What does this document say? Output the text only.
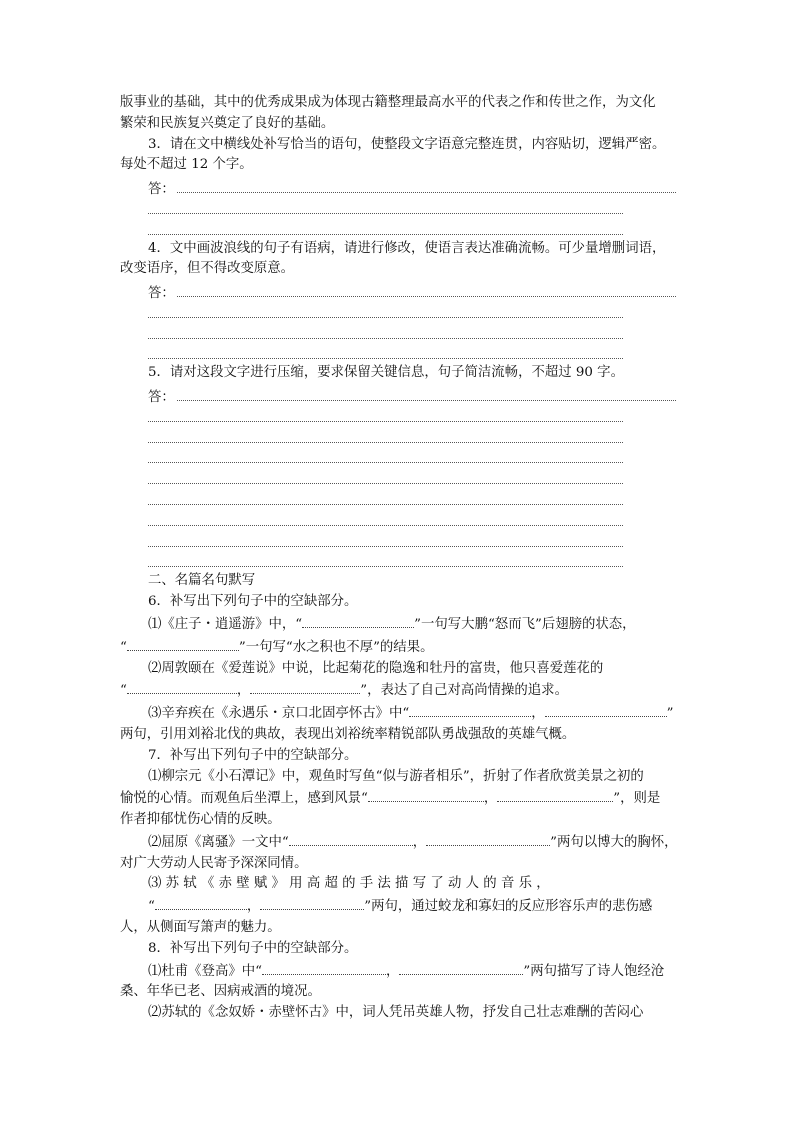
版事业的基础，其中的优秀成果成为体现古籍整理最高水平的代表之作和传世之作，为文化
繁荣和民族复兴奠定了良好的基础。
3．请在文中横线处补写恰当的语句，使整段文字语意完整连贯，内容贴切，逻辑严密。
每处不超过 12 个字。
答：
4．文中画波浪线的句子有语病，请进行修改，使语言表达准确流畅。可少量增删词语，
改变语序，但不得改变原意。
答：
5．请对这段文字进行压缩，要求保留关键信息，句子简洁流畅，不超过 90 字。
答：
二、名篇名句默写
6．补写出下列句子中的空缺部分。
⑴《庄子・逍遥游》中，“	”一句写大鹏“怒而飞”后翅膀的状态，
“	”一句写“水之积也不厚”的结果。
⑵周敦颐在《爱莲说》中说，比起菊花的隐逸和牡丹的富贵，他只喜爱莲花的
“	，	”，表达了自己对高尚情操的追求。
⑶辛弃疾在《永遇乐・京口北固亭怀古》中“	，	”
两句，引用刘裕北伐的典故，表现出刘裕统率精锐部队勇战强敌的英雄气概。
7．补写出下列句子中的空缺部分。
⑴柳宗元《小石潭记》中，观鱼时写鱼“似与游者相乐”，折射了作者欣赏美景之初的
愉悦的心情。而观鱼后坐潭上，感到风景“	，	”，则是
作者抑郁忧伤心情的反映。
⑵屈原《离骚》一文中“	，	”两句以博大的胸怀，
对广大劳动人民寄予深深同情。
⑶ 苏 轼 《 赤 壁 赋 》 用 高 超 的 手 法 描 写 了 动 人 的 音 乐 ，
“	，	”两句，通过蛟龙和寡妇的反应形容乐声的悲伤感
人，从侧面写箫声的魅力。
8．补写出下列句子中的空缺部分。
⑴杜甫《登高》中“	，	”两句描写了诗人饱经沧
桑、年华已老、因病戒酒的境况。
⑵苏轼的《念奴娇・赤壁怀古》中，词人凭吊英雄人物，抒发自己壮志难酬的苦闷心
